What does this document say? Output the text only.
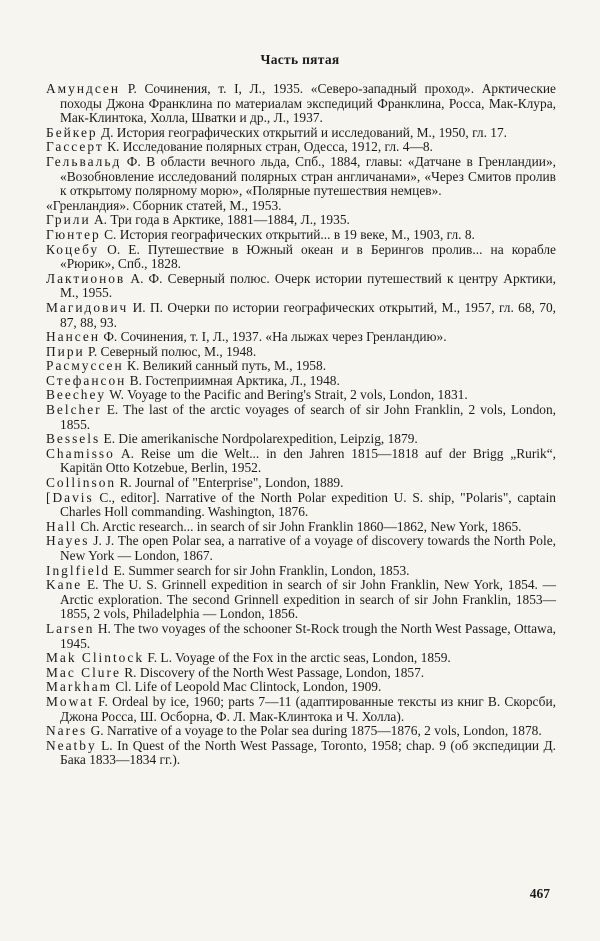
Часть пятая
Амундсен Р. Сочинения, т. I, Л., 1935. «Северо-западный проход». Арктические походы Джона Франклина по материалам экспедиций Франклина, Росса, Мак-Клура, Мак-Клинтока, Холла, Шватки и др., Л., 1937.
Бейкер Д. История географических открытий и исследований, М., 1950, гл. 17.
Гассерт К. Исследование полярных стран, Одесса, 1912, гл. 4—8.
Гельвальд Ф. В области вечного льда, Спб., 1884, главы: «Датчане в Гренландии», «Возобновление исследований полярных стран англичанами», «Через Смитов пролив к открытому полярному морю», «Полярные путешествия немцев».
«Гренландия». Сборник статей, М., 1953.
Грили А. Три года в Арктике, 1881—1884, Л., 1935.
Гюнтер С. История географических открытий... в 19 веке, М., 1903, гл. 8.
Коцебу О. Е. Путешествие в Южный океан и в Берингов пролив... на корабле «Рюрик», Спб., 1828.
Лактионов А. Ф. Северный полюс. Очерк истории путешествий к центру Арктики, М., 1955.
Магидович И. П. Очерки по истории географических открытий, М., 1957, гл. 68, 70, 87, 88, 93.
Нансен Ф. Сочинения, т. I, Л., 1937. «На лыжах через Гренландию».
Пири Р. Северный полюс, М., 1948.
Расмуссен К. Великий санный путь, М., 1958.
Стефансон В. Гостеприимная Арктика, Л., 1948.
Beechey W. Voyage to the Pacific and Bering's Strait, 2 vols, London, 1831.
Belcher E. The last of the arctic voyages of search of sir John Franklin, 2 vols, London, 1855.
Bessels E. Die amerikanische Nordpolarexpedition, Leipzig, 1879.
Chamisso A. Reise um die Welt... in den Jahren 1815—1818 auf der Brigg „Rurik“, Kapitän Otto Kotzebue, Berlin, 1952.
Collinson R. Journal of "Enterprise", London, 1889.
[Davis C., editor]. Narrative of the North Polar expedition U. S. ship, "Polaris", captain Charles Holl commanding. Washington, 1876.
Hall Ch. Arctic research... in search of sir John Franklin 1860—1862, New York, 1865.
Hayes J. J. The open Polar sea, a narrative of a voyage of discovery towards the North Pole, New York — London, 1867.
Inglfield E. Summer search for sir John Franklin, London, 1853.
Kane E. The U. S. Grinnell expedition in search of sir John Franklin, New York, 1854. — Arctic exploration. The second Grinnell expedition in search of sir John Franklin, 1853—1855, 2 vols, Philadelphia — London, 1856.
Larsen H. The two voyages of the schooner St-Rock trough the North West Passage, Ottawa, 1945.
Mak Clintock F. L. Voyage of the Fox in the arctic seas, London, 1859.
Mac Clure R. Discovery of the North West Passage, London, 1857.
Markham Cl. Life of Leopold Mac Clintock, London, 1909.
Mowat F. Ordeal by ice, 1960; parts 7—11 (адаптированные тексты из книг В. Скорсби, Джона Росса, Ш. Осборна, Ф. Л. Мак-Клинтока и Ч. Холла).
Nares G. Narrative of a voyage to the Polar sea during 1875—1876, 2 vols, London, 1878.
Neatby L. In Quest of the North West Passage, Toronto, 1958; chap. 9 (об экспедиции Д. Бака 1833—1834 гг.).
467
